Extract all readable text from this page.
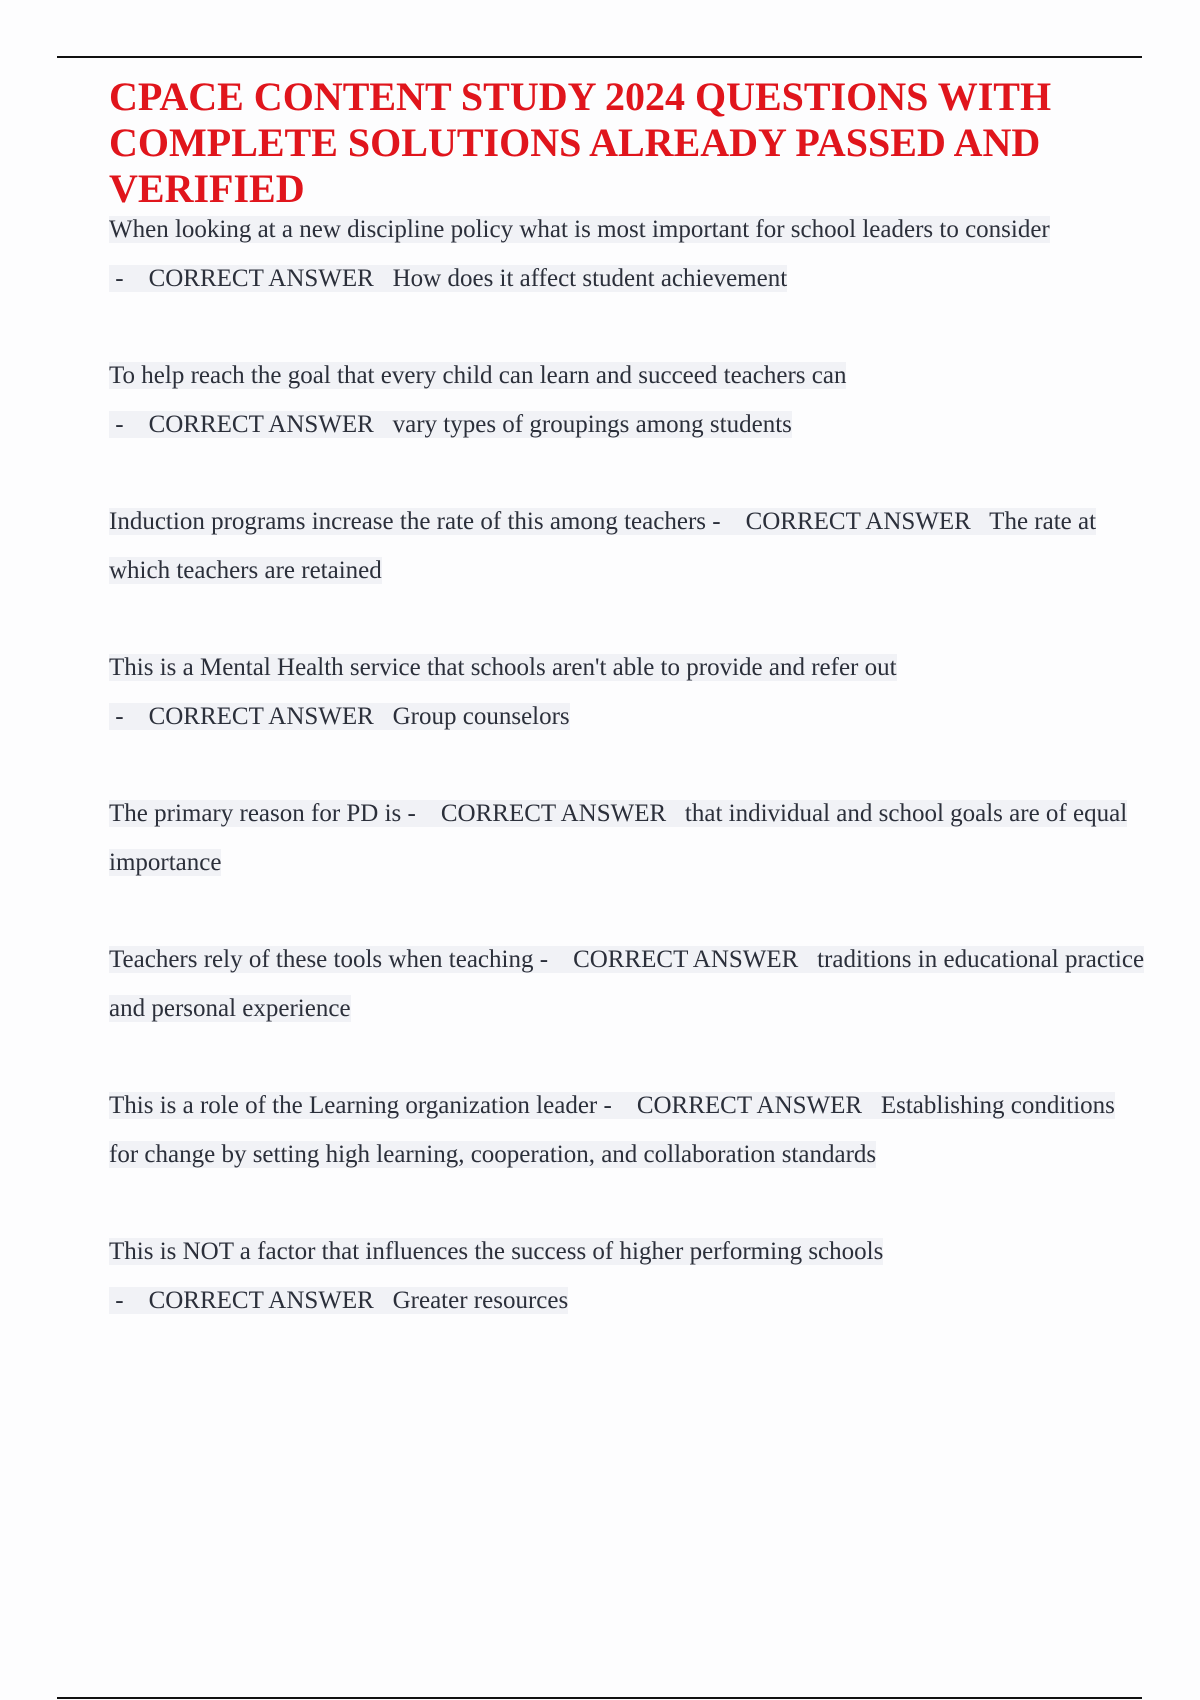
CPACE CONTENT STUDY 2024 QUESTIONS WITH COMPLETE SOLUTIONS ALREADY PASSED AND VERIFIED

When looking at a new discipline policy what is most important for school leaders to consider -    CORRECT ANSWER How does it affect student achievement

To help reach the goal that every child can learn and succeed teachers can -    CORRECT ANSWER vary types of groupings among students

Induction programs increase the rate of this among teachers -    CORRECT ANSWER The rate at which teachers are retained

This is a Mental Health service that schools aren't able to provide and refer out -    CORRECT ANSWER Group counselors

The primary reason for PD is -    CORRECT ANSWER that individual and school goals are of equal importance

Teachers rely of these tools when teaching -    CORRECT ANSWER traditions in educational practice and personal experience

This is a role of the Learning organization leader -    CORRECT ANSWER Establishing conditions for change by setting high learning, cooperation, and collaboration standards

This is NOT a factor that influences the success of higher performing schools -    CORRECT ANSWER Greater resources
